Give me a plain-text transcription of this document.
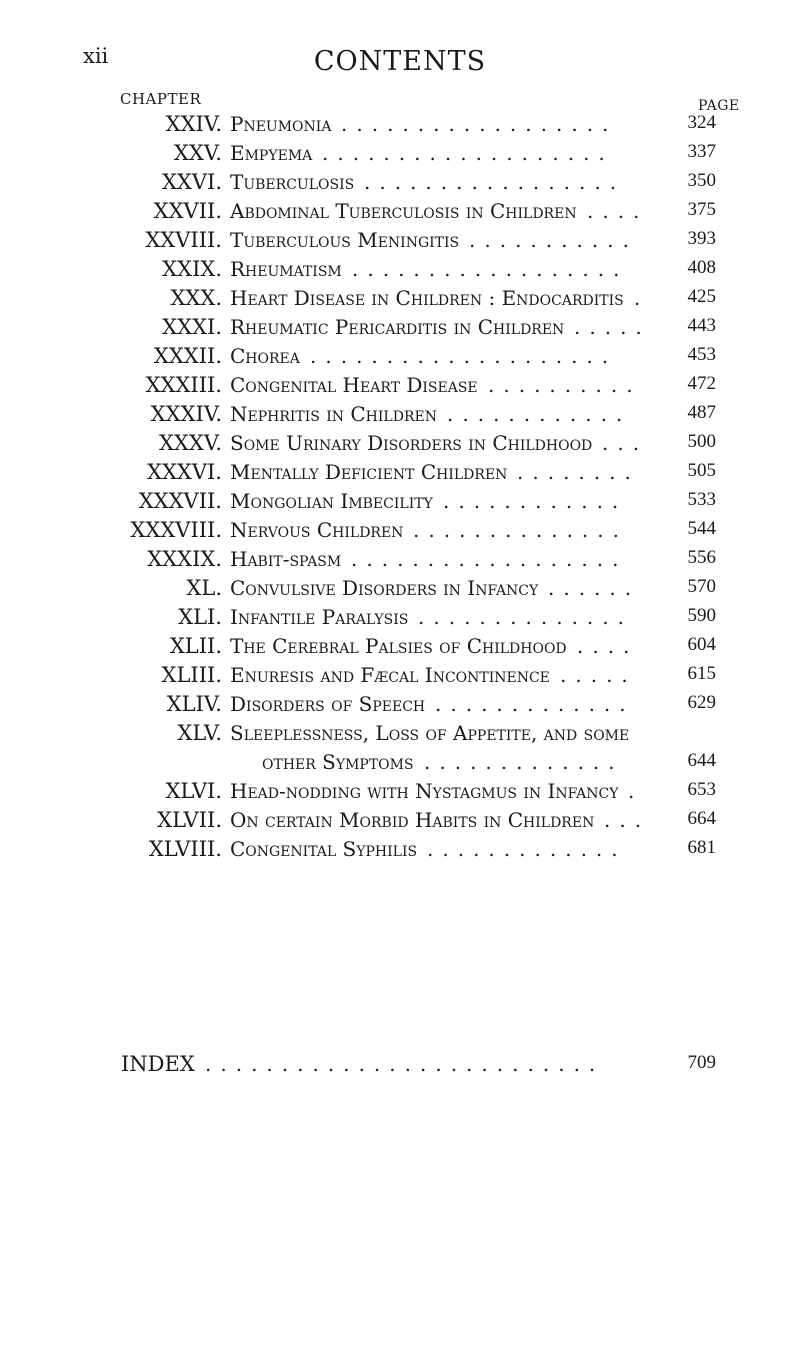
xii	CONTENTS
CHAPTER	PAGE
XXIV. Pneumonia ..................	324
XXV. Empyema ...................	337
XXVI. Tuberculosis .................	350
XXVII. Abdominal Tuberculosis in Children ....	375
XXVIII. Tuberculous Meningitis ...........	393
XXIX. Rheumatism ..................	408
XXX. Heart Disease in Children : Endocarditis .	425
XXXI. Rheumatic Pericarditis in Children .....	443
XXXII. Chorea ....................	453
XXXIII. Congenital Heart Disease ..........	472
XXXIV. Nephritis in Children ............	487
XXXV. Some Urinary Disorders in Childhood ...	500
XXXVI. Mentally Deficient Children ........	505
XXXVII. Mongolian Imbecility ............	533
XXXVIII. Nervous Children ..............	544
XXXIX. Habit-spasm ..................	556
XL. Convulsive Disorders in Infancy ......	570
XLI. Infantile Paralysis ..............	590
XLII. The Cerebral Palsies of Childhood ....	604
XLIII. Enuresis and Fæcal Incontinence .....	615
XLIV. Disorders of Speech .............	629
XLV. Sleeplessness, Loss of Appetite, and some
other Symptoms .............	644
XLVI. Head-nodding with Nystagmus in Infancy .	653
XLVII. On certain Morbid Habits in Children ...	664
XLVIII. Congenital Syphilis .............	681
INDEX ..........................	709
